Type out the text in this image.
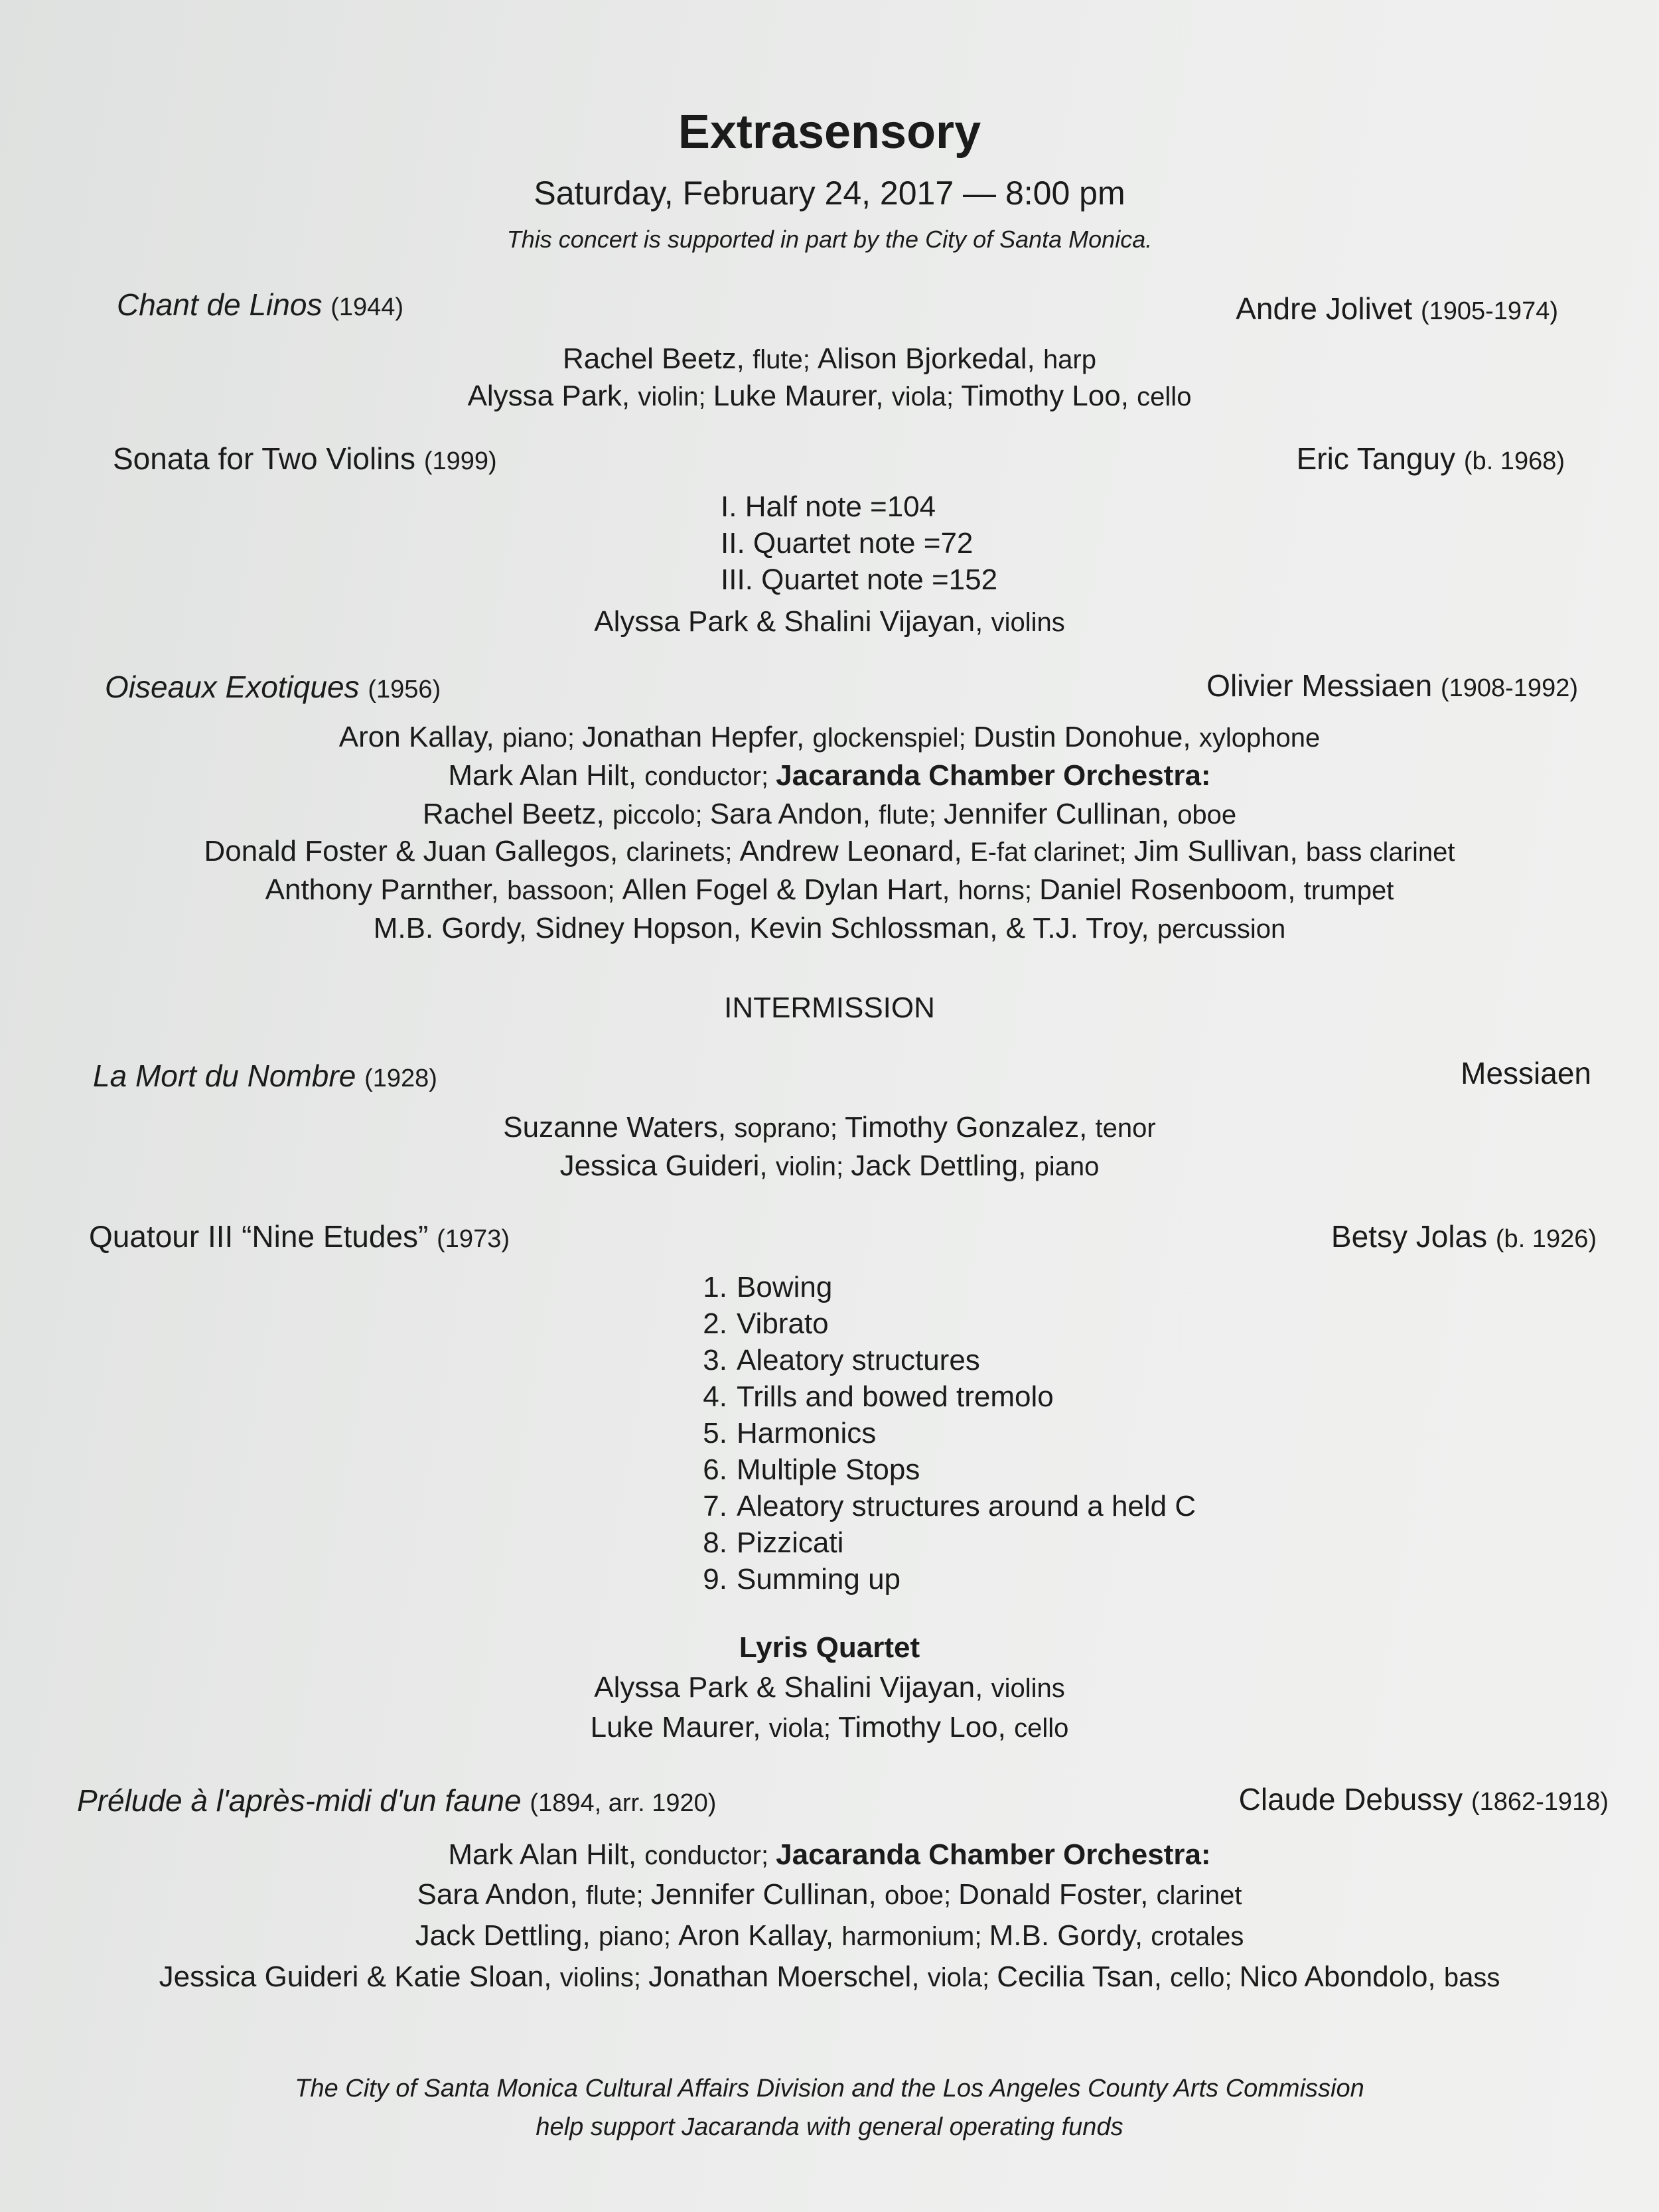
Extrasensory
Saturday, February 24, 2017 — 8:00 pm
This concert is supported in part by the City of Santa Monica.
Chant de Linos (1944)	Andre Jolivet (1905-1974)
Rachel Beetz, flute; Alison Bjorkedal, harp
Alyssa Park, violin; Luke Maurer, viola; Timothy Loo, cello
Sonata for Two Violins (1999)	Eric Tanguy (b. 1968)
I. Half note =104
II. Quartet note =72
III. Quartet note =152
Alyssa Park & Shalini Vijayan, violins
Oiseaux Exotiques (1956)	Olivier Messiaen (1908-1992)
Aron Kallay, piano; Jonathan Hepfer, glockenspiel; Dustin Donohue, xylophone
Mark Alan Hilt, conductor; Jacaranda Chamber Orchestra:
Rachel Beetz, piccolo; Sara Andon, flute; Jennifer Cullinan, oboe
Donald Foster & Juan Gallegos, clarinets; Andrew Leonard, E-fat clarinet; Jim Sullivan, bass clarinet
Anthony Parnther, bassoon; Allen Fogel & Dylan Hart, horns; Daniel Rosenboom, trumpet
M.B. Gordy, Sidney Hopson, Kevin Schlossman, & T.J. Troy, percussion
INTERMISSION
La Mort du Nombre (1928)	Messiaen
Suzanne Waters, soprano; Timothy Gonzalez, tenor
Jessica Guideri, violin; Jack Dettling, piano
Quatour III “Nine Etudes” (1973)	Betsy Jolas (b. 1926)
1. Bowing
2. Vibrato
3. Aleatory structures
4. Trills and bowed tremolo
5. Harmonics
6. Multiple Stops
7. Aleatory structures around a held C
8. Pizzicati
9. Summing up
Lyris Quartet
Alyssa Park & Shalini Vijayan, violins
Luke Maurer, viola; Timothy Loo, cello
Prélude à l'après-midi d'un faune (1894, arr. 1920)	Claude Debussy (1862-1918)
Mark Alan Hilt, conductor; Jacaranda Chamber Orchestra:
Sara Andon, flute; Jennifer Cullinan, oboe; Donald Foster, clarinet
Jack Dettling, piano; Aron Kallay, harmonium; M.B. Gordy, crotales
Jessica Guideri & Katie Sloan, violins; Jonathan Moerschel, viola; Cecilia Tsan, cello; Nico Abondolo, bass
The City of Santa Monica Cultural Affairs Division and the Los Angeles County Arts Commission
help support Jacaranda with general operating funds
